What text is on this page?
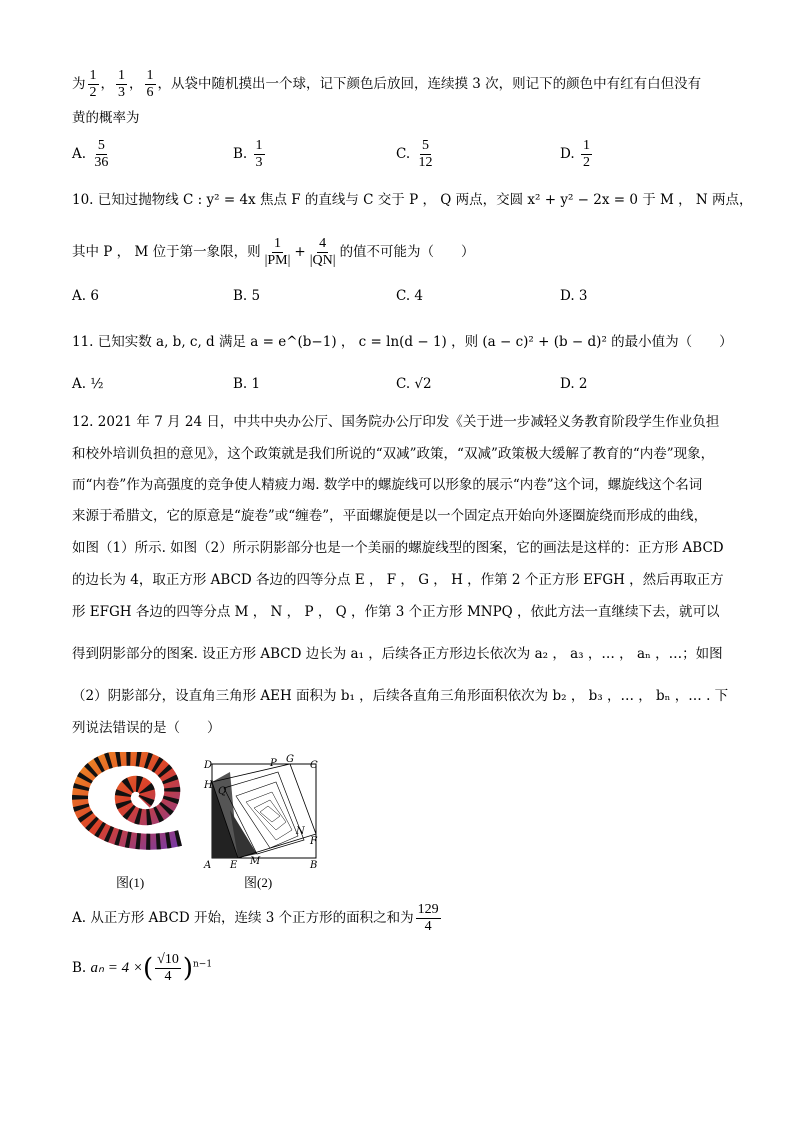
为 $\frac{1}{2}$ ， $\frac{1}{3}$ ， $\frac{1}{6}$ ，从袋中随机摸出一个球，记下颜色后放回，连续摸 3 次，则记下的颜色中有红有白但没有
黄的概率为
A. $\frac{5}{36}$	B. $\frac{1}{3}$	C. $\frac{5}{12}$	D. $\frac{1}{2}$
10. 已知过抛物线 C : y² = 4x 焦点 F 的直线与 C 交于 P ， Q 两点，交圆 x² + y² − 2x = 0 于 M ， N 两点，
其中 P ， M 位于第一象限，则 $\frac{1}{|PM|} + \frac{4}{|QN|}$ 的值不可能为（　　）
A. 6	B. 5	C. 4	D. 3
11. 已知实数 a, b, c, d 满足 a = e^(b−1) ， c = ln(d − 1) ，则 (a − c)² + (b − d)² 的最小值为（　　）
A. ½	B. 1	C. √2	D. 2
12. 2021 年 7 月 24 日，中共中央办公厅、国务院办公厅印发《关于进一步减轻义务教育阶段学生作业负担
和校外培训负担的意见》，这个政策就是我们所说的“双减”政策，“双减”政策极大缓解了教育的“内卷”现象，
而“内卷”作为高强度的竞争使人精疲力竭. 数学中的螺旋线可以形象的展示“内卷”这个词，螺旋线这个名词
来源于希腊文，它的原意是“旋卷”或“缠卷”，平面螺旋便是以一个固定点开始向外逐圈旋绕而形成的曲线，
如图（1）所示. 如图（2）所示阴影部分也是一个美丽的螺旋线型的图案，它的画法是这样的：正方形 ABCD
的边长为 4，取正方形 ABCD 各边的四等分点 E ， F ， G ， H ，作第 2 个正方形 EFGH ，然后再取正方
形 EFGH 各边的四等分点 M ， N ， P ， Q ，作第 3 个正方形 MNPQ ，依此方法一直继续下去，就可以
得到阴影部分的图案. 设正方形 ABCD 边长为 a₁ ，后续各正方形边长依次为 a₂ ， a₃ ，… ， aₙ ，…；如图
（2）阴影部分，设直角三角形 AEH 面积为 b₁ ，后续各直角三角形面积依次为 b₂ ， b₃ ，… ， bₙ ，… . 下
列说法错误的是（　　）
图(1)
D	C
A	B
E
F
G
H
M
N
P
Q
图(2)
A. 从正方形 ABCD 开始，连续 3 个正方形的面积之和为 $\frac{129}{4}$
B. aₙ = 4 ×( $\frac{√10}{4} )^{n-1}$
